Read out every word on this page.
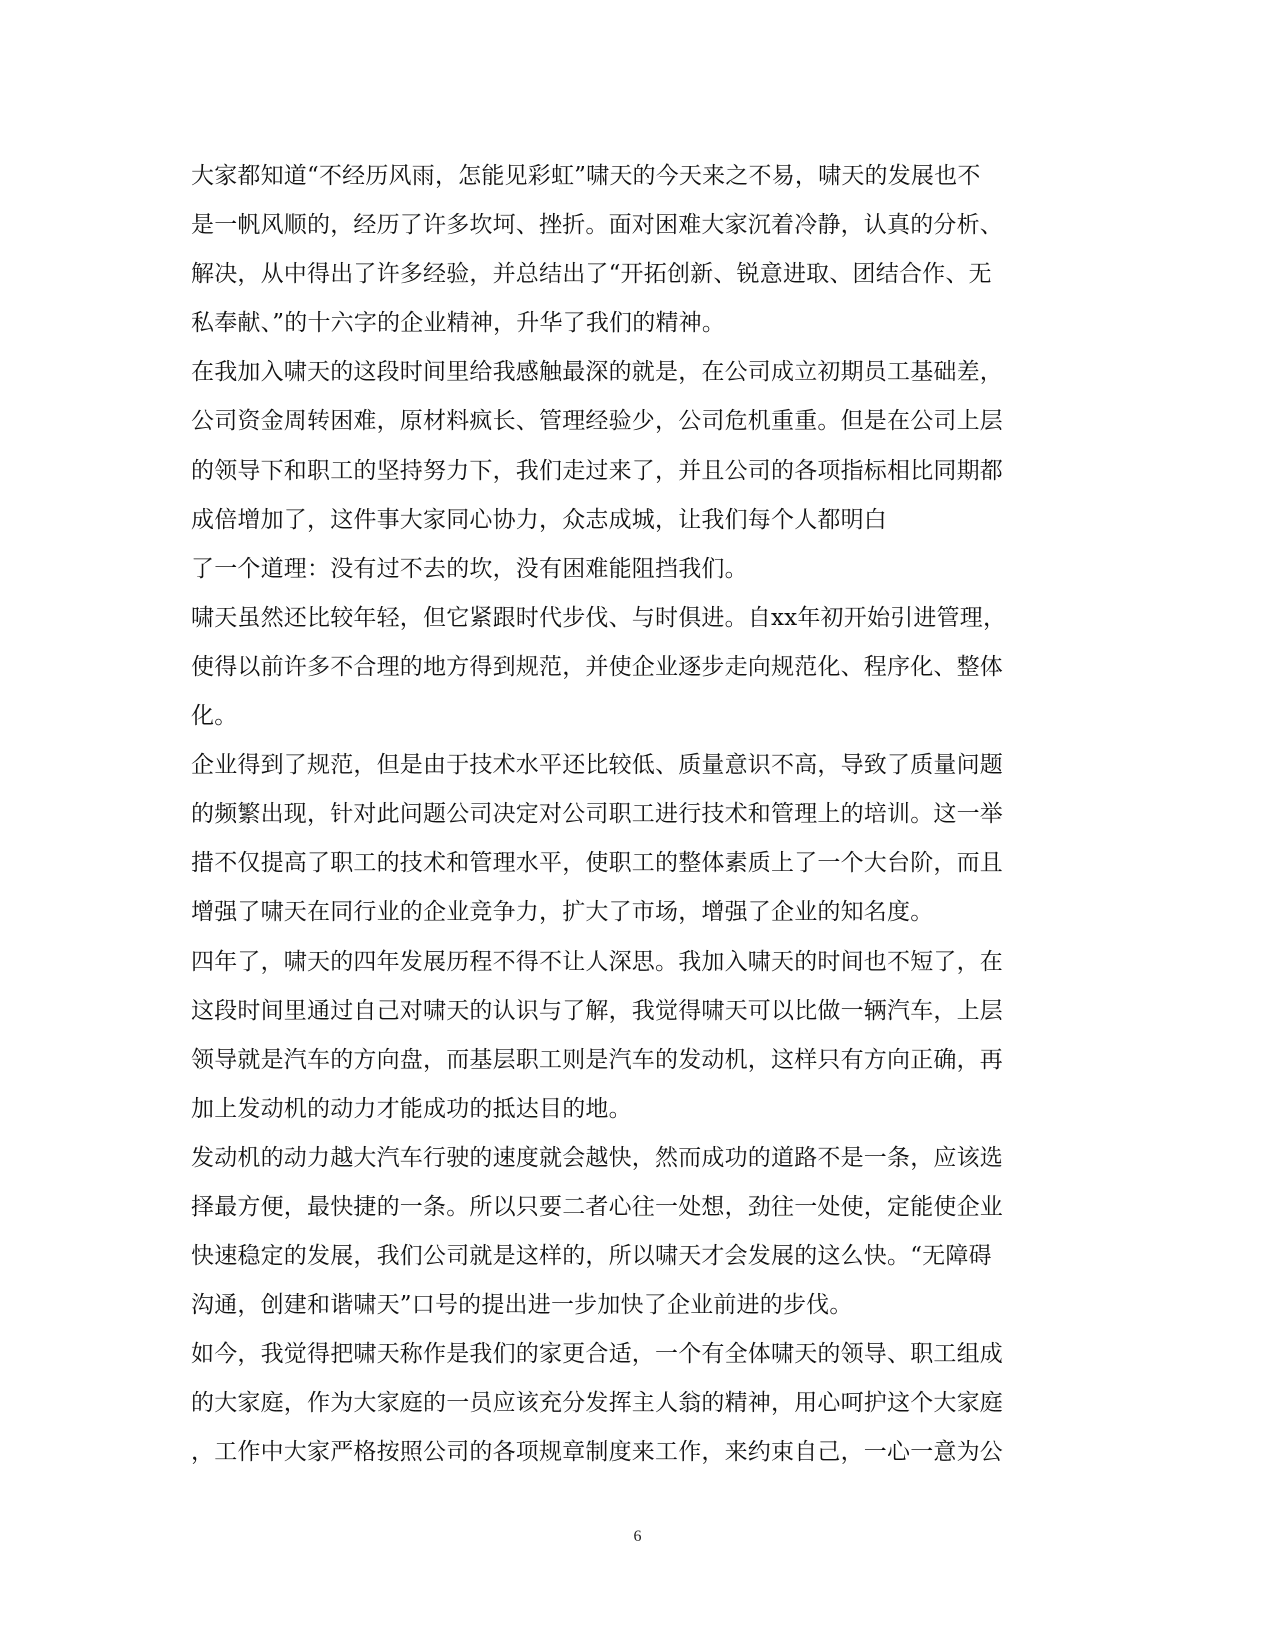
大家都知道“不经历风雨，怎能见彩虹”啸天的今天来之不易，啸天的发展也不
是一帆风顺的，经历了许多坎坷、挫折。面对困难大家沉着冷静，认真的分析、
解决，从中得出了许多经验，并总结出了“开拓创新、锐意进取、团结合作、无
私奉献、”的十六字的企业精神，升华了我们的精神。
在我加入啸天的这段时间里给我感触最深的就是，在公司成立初期员工基础差，
公司资金周转困难，原材料疯长、管理经验少，公司危机重重。但是在公司上层
的领导下和职工的坚持努力下，我们走过来了，并且公司的各项指标相比同期都
成倍增加了，这件事大家同心协力，众志成城，让我们每个人都明白
了一个道理：没有过不去的坎，没有困难能阻挡我们。
啸天虽然还比较年轻，但它紧跟时代步伐、与时俱进。自xx年初开始引进管理，
使得以前许多不合理的地方得到规范，并使企业逐步走向规范化、程序化、整体
化。
企业得到了规范，但是由于技术水平还比较低、质量意识不高，导致了质量问题
的频繁出现，针对此问题公司决定对公司职工进行技术和管理上的培训。这一举
措不仅提高了职工的技术和管理水平，使职工的整体素质上了一个大台阶，而且
增强了啸天在同行业的企业竞争力，扩大了市场，增强了企业的知名度。
四年了，啸天的四年发展历程不得不让人深思。我加入啸天的时间也不短了，在
这段时间里通过自己对啸天的认识与了解，我觉得啸天可以比做一辆汽车，上层
领导就是汽车的方向盘，而基层职工则是汽车的发动机，这样只有方向正确，再
加上发动机的动力才能成功的抵达目的地。
发动机的动力越大汽车行驶的速度就会越快，然而成功的道路不是一条，应该选
择最方便，最快捷的一条。所以只要二者心往一处想，劲往一处使，定能使企业
快速稳定的发展，我们公司就是这样的，所以啸天才会发展的这么快。“无障碍
沟通，创建和谐啸天”口号的提出进一步加快了企业前进的步伐。
如今，我觉得把啸天称作是我们的家更合适，一个有全体啸天的领导、职工组成
的大家庭，作为大家庭的一员应该充分发挥主人翁的精神，用心呵护这个大家庭
，工作中大家严格按照公司的各项规章制度来工作，来约束自己，一心一意为公
6
